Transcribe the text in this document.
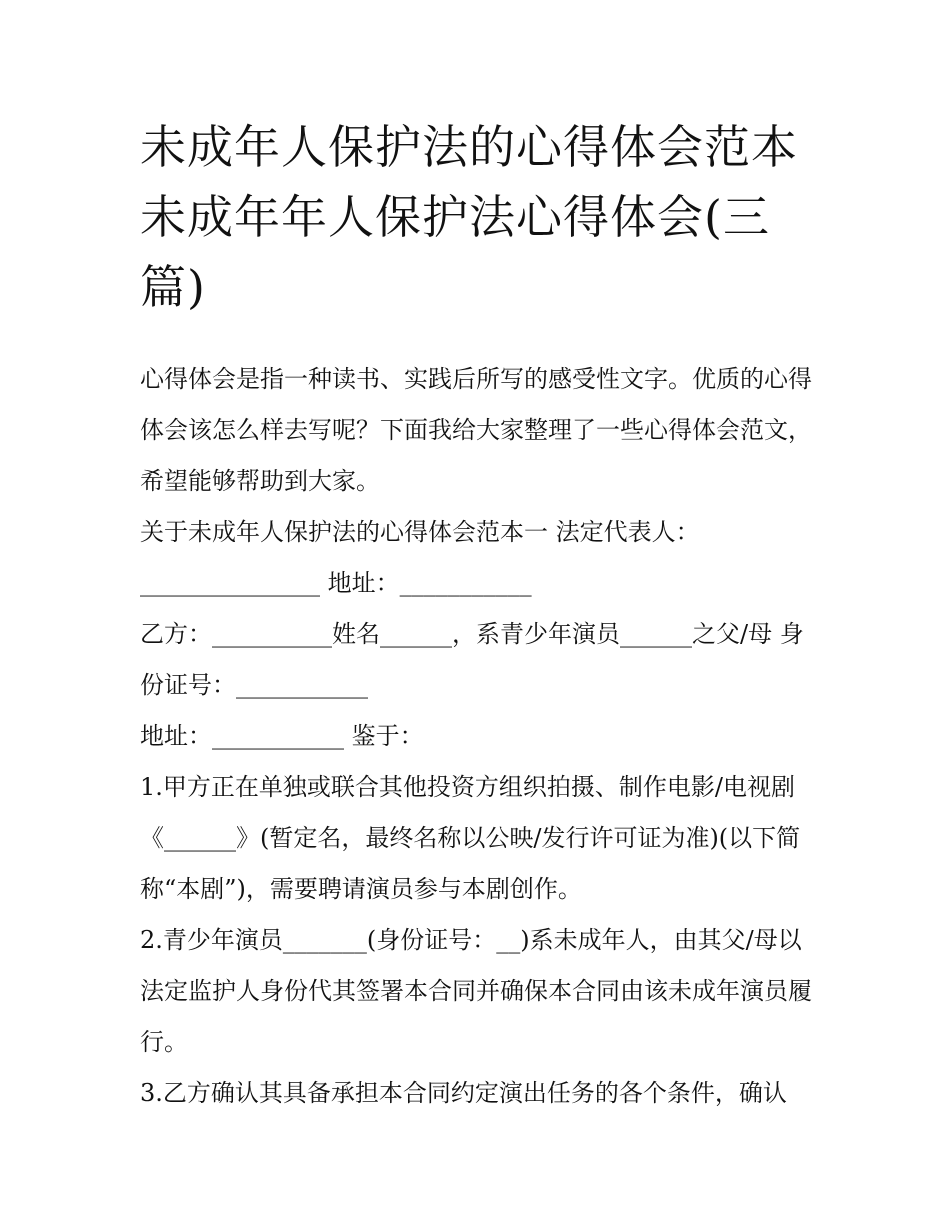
未成年人保护法的心得体会范本 未成年年人保护法心得体会(三篇)

心得体会是指一种读书、实践后所写的感受性文字。优质的心得体会该怎么样去写呢？下面我给大家整理了一些心得体会范文，希望能够帮助到大家。

关于未成年人保护法的心得体会范本一 法定代表人：

_______________ 地址：___________

乙方：__________姓名______，系青少年演员______之父/母 身份证号：___________

地址：___________ 鉴于：

1.甲方正在单独或联合其他投资方组织拍摄、制作电影/电视剧《______》(暂定名，最终名称以公映/发行许可证为准)(以下简称“本剧”)，需要聘请演员参与本剧创作。

2.青少年演员_______(身份证号：__)系未成年人，由其父/母以法定监护人身份代其签署本合同并确保本合同由该未成年演员履行。

3.乙方确认其具备承担本合同约定演出任务的各个条件，确认
